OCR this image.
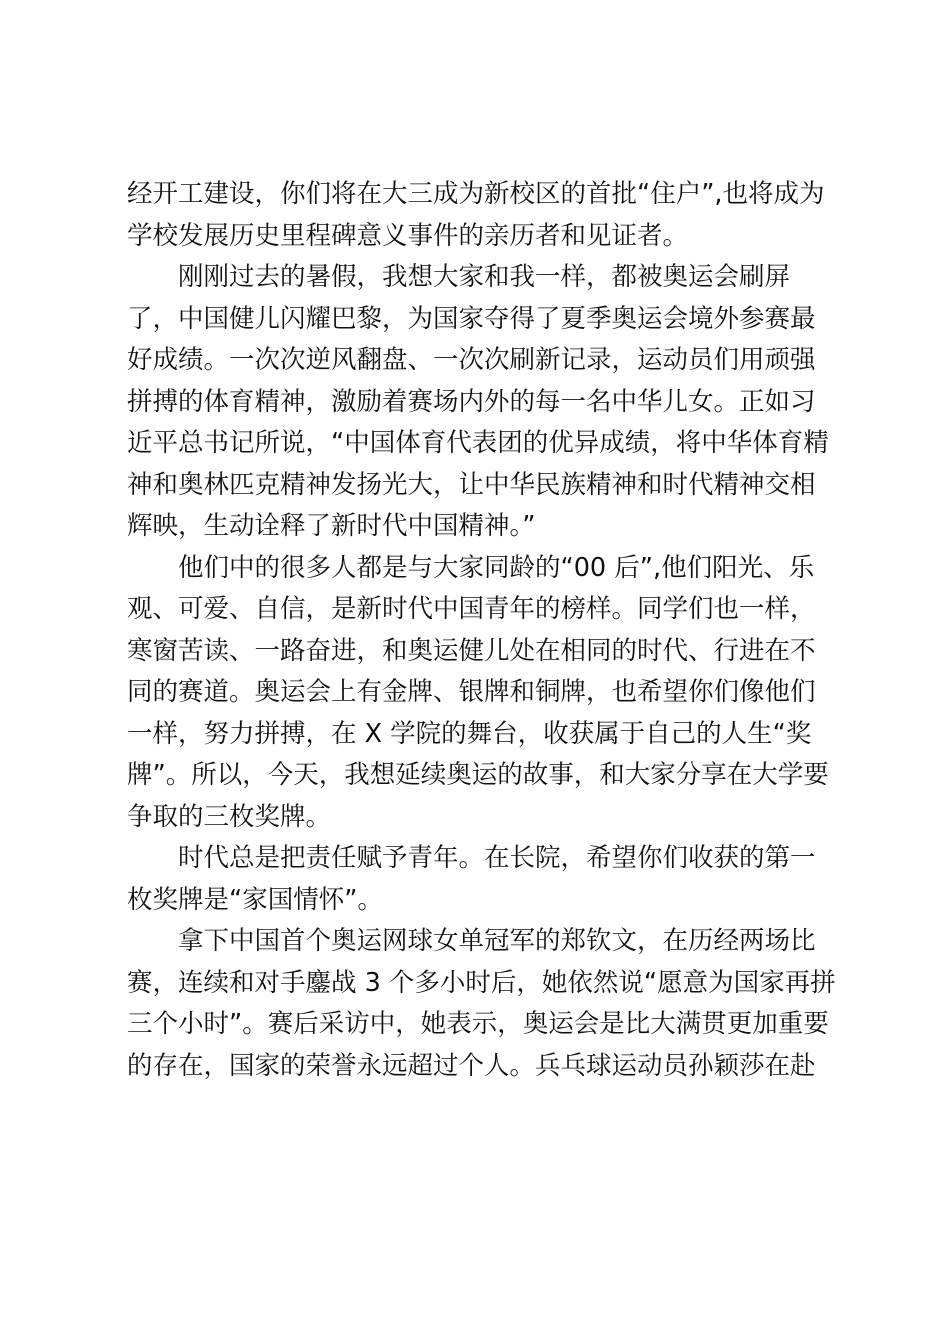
经开工建设，你们将在大三成为新校区的首批“住户”,也将成为

学校发展历史里程碑意义事件的亲历者和见证者。

刚刚过去的暑假，我想大家和我一样，都被奥运会刷屏

了，中国健儿闪耀巴黎，为国家夺得了夏季奥运会境外参赛最

好成绩。一次次逆风翻盘、一次次刷新记录，运动员们用顽强

拼搏的体育精神，激励着赛场内外的每一名中华儿女。正如习

近平总书记所说，“中国体育代表团的优异成绩，将中华体育精

神和奥林匹克精神发扬光大，让中华民族精神和时代精神交相

辉映，生动诠释了新时代中国精神。”

他们中的很多人都是与大家同龄的“00 后”,他们阳光、乐

观、可爱、自信，是新时代中国青年的榜样。同学们也一样，

寒窗苦读、一路奋进，和奥运健儿处在相同的时代、行进在不

同的赛道。奥运会上有金牌、银牌和铜牌，也希望你们像他们

一样，努力拼搏，在 X 学院的舞台，收获属于自己的人生“奖

牌”。所以，今天，我想延续奥运的故事，和大家分享在大学要

争取的三枚奖牌。

时代总是把责任赋予青年。在长院，希望你们收获的第一

枚奖牌是“家国情怀”。

拿下中国首个奥运网球女单冠军的郑钦文，在历经两场比

赛，连续和对手鏖战 3 个多小时后，她依然说“愿意为国家再拼

三个小时”。赛后采访中，她表示，奥运会是比大满贯更加重要

的存在，国家的荣誉永远超过个人。兵乓球运动员孙颖莎在赴
